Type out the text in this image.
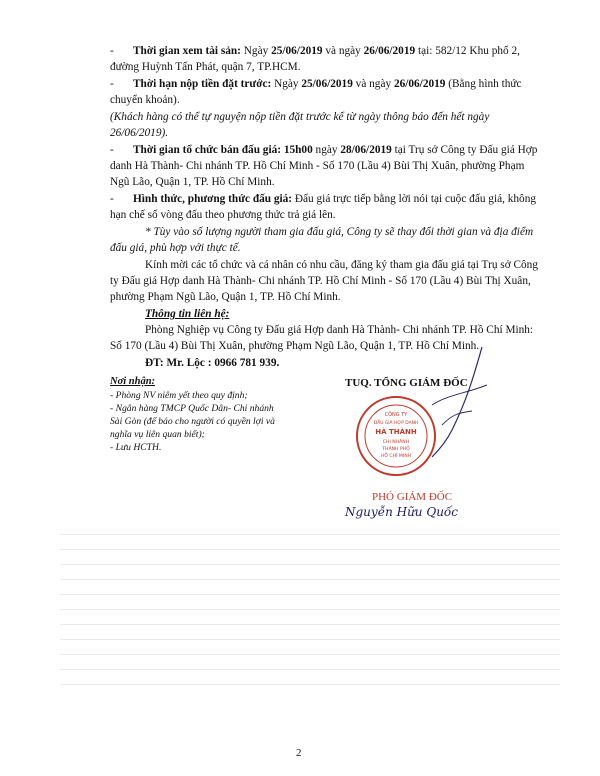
- Thời gian xem tài sản: Ngày 25/06/2019 và ngày 26/06/2019 tại: 582/12 Khu phố 2,
đường Huỳnh Tấn Phát, quận 7, TP.HCM.
- Thời hạn nộp tiền đặt trước: Ngày 25/06/2019 và ngày 26/06/2019 (Bằng hình thức
chuyển khoản).
(Khách hàng có thể tự nguyện nộp tiền đặt trước kể từ ngày thông báo đến hết ngày
26/06/2019).
- Thời gian tổ chức bán đấu giá: 15h00 ngày 28/06/2019 tại Trụ sở Công ty Đấu giá Hợp
danh Hà Thành- Chi nhánh TP. Hồ Chí Minh - Số 170 (Lầu 4) Bùi Thị Xuân, phường Phạm
Ngũ Lão, Quận 1, TP. Hồ Chí Minh.
- Hình thức, phương thức đấu giá: Đấu giá trực tiếp bằng lời nói tại cuộc đấu giá, không
hạn chế số vòng đấu theo phương thức trả giá lên.
* Tùy vào số lượng người tham gia đấu giá, Công ty sẽ thay đổi thời gian và địa điểm
đấu giá, phù hợp với thực tế.
Kính mời các tổ chức và cá nhân có nhu cầu, đăng ký tham gia đấu giá tại Trụ sở Công
ty Đấu giá Hợp danh Hà Thành- Chi nhánh TP. Hồ Chí Minh - Số 170 (Lầu 4) Bùi Thị Xuân,
phường Phạm Ngũ Lão, Quận 1, TP. Hồ Chí Minh.
Thông tin liên hệ:
Phòng Nghiệp vụ Công ty Đấu giá Hợp danh Hà Thành- Chi nhánh TP. Hồ Chí Minh:
Số 170 (Lầu 4) Bùi Thị Xuân, phường Phạm Ngũ Lão, Quận 1, TP. Hồ Chí Minh.
ĐT: Mr. Lộc : 0966 781 939.
Nơi nhận:
- Phòng NV niêm yết theo quy định;
- Ngân hàng TMCP Quốc Dân- Chi nhánh
Sài Gòn (để báo cho người có quyền lợi và
nghĩa vụ liên quan biết);
- Lưu HCTH.
TUQ. TỔNG GIÁM ĐỐC
CÔNG TY
ĐẤU GIÁ HỢP DANH
HÀ THÀNH
CHI NHÁNH
THÀNH PHỐ
HỒ CHÍ MINH
PHÓ GIÁM ĐỐC
Nguyễn Hữu Quốc
2
